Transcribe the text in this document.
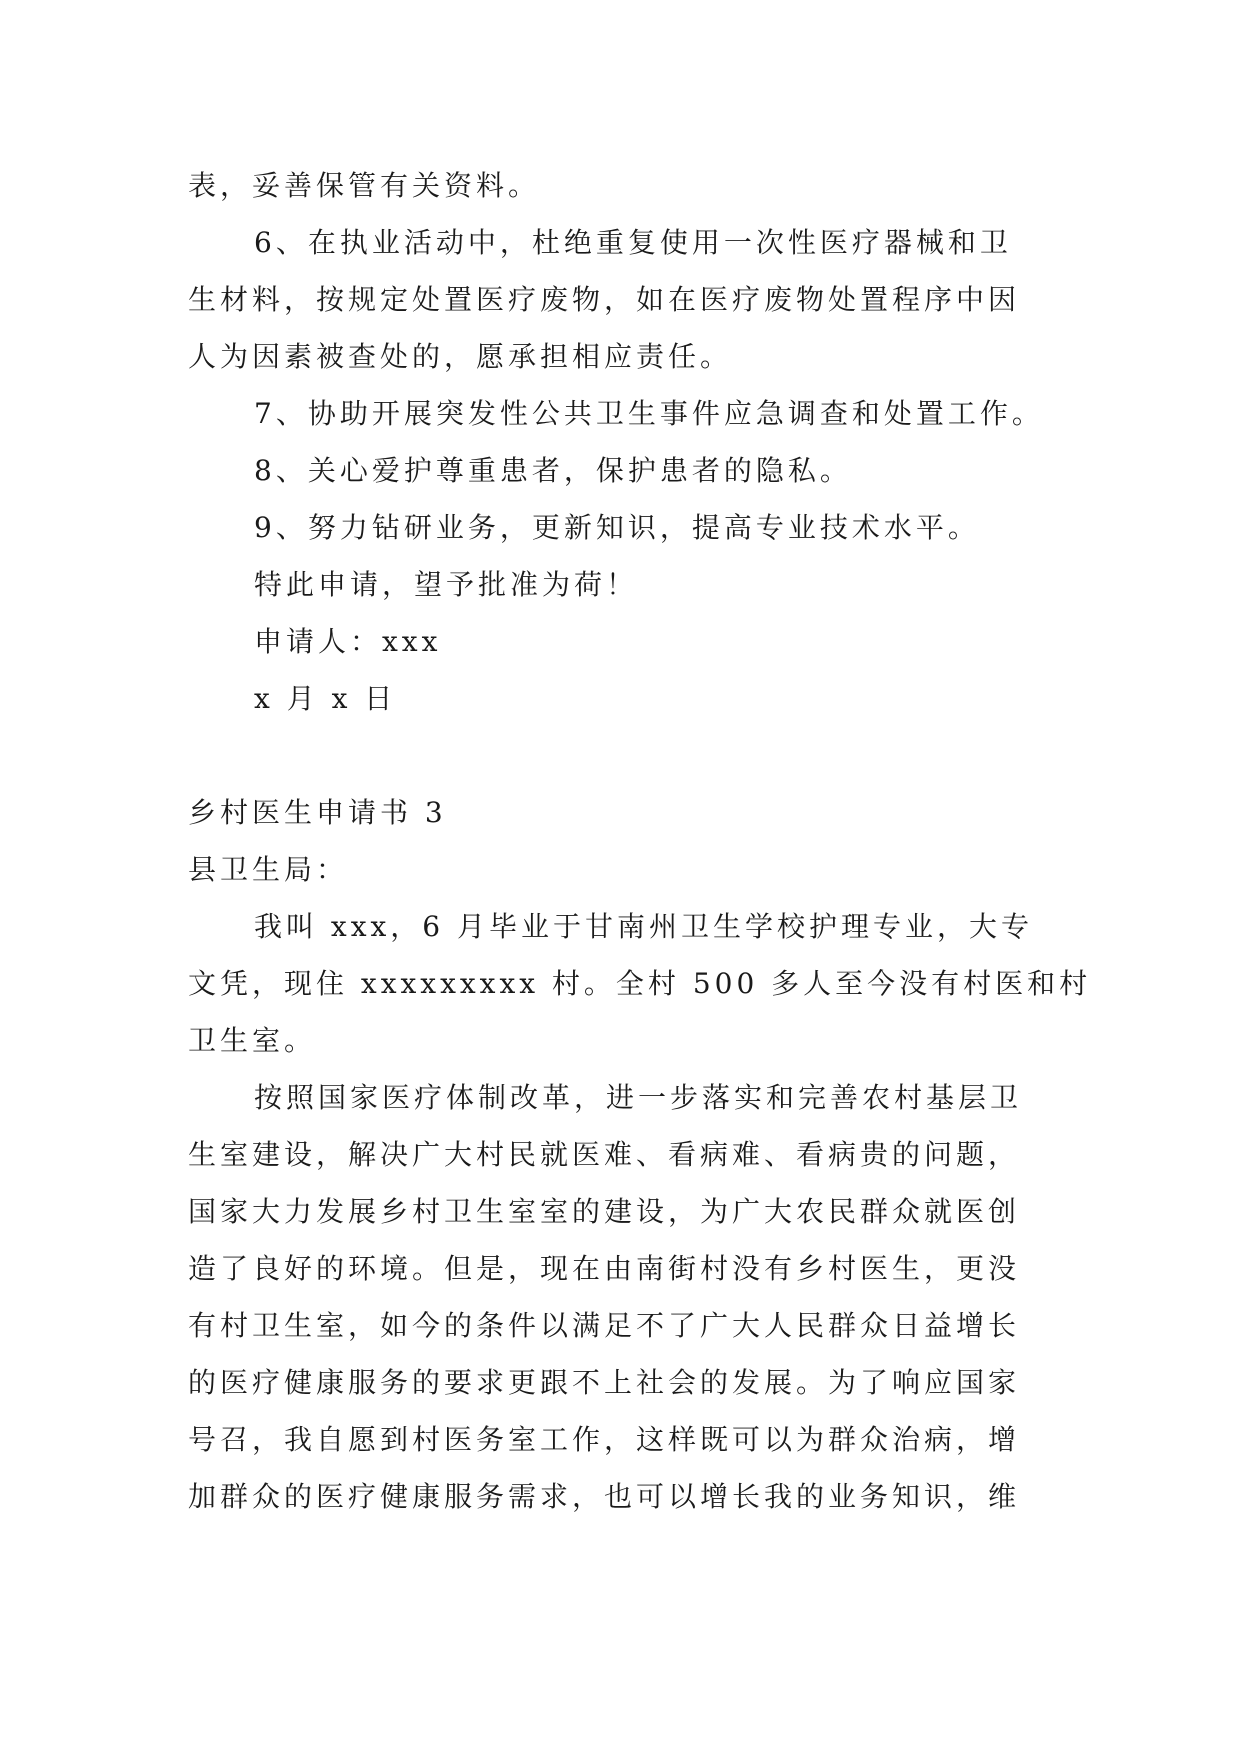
表，妥善保管有关资料。
6、在执业活动中，杜绝重复使用一次性医疗器械和卫
生材料，按规定处置医疗废物，如在医疗废物处置程序中因
人为因素被查处的，愿承担相应责任。
7、协助开展突发性公共卫生事件应急调查和处置工作。
8、关心爱护尊重患者，保护患者的隐私。
9、努力钻研业务，更新知识，提高专业技术水平。
特此申请，望予批准为荷！
申请人：xxx
x 月 x 日
乡村医生申请书 3
县卫生局：
我叫 xxx，6 月毕业于甘南州卫生学校护理专业，大专
文凭，现住 xxxxxxxxx 村。全村 500 多人至今没有村医和村
卫生室。
按照国家医疗体制改革，进一步落实和完善农村基层卫
生室建设，解决广大村民就医难、看病难、看病贵的问题，
国家大力发展乡村卫生室室的建设，为广大农民群众就医创
造了良好的环境。但是，现在由南街村没有乡村医生，更没
有村卫生室，如今的条件以满足不了广大人民群众日益增长
的医疗健康服务的要求更跟不上社会的发展。为了响应国家
号召，我自愿到村医务室工作，这样既可以为群众治病，增
加群众的医疗健康服务需求，也可以增长我的业务知识，维
